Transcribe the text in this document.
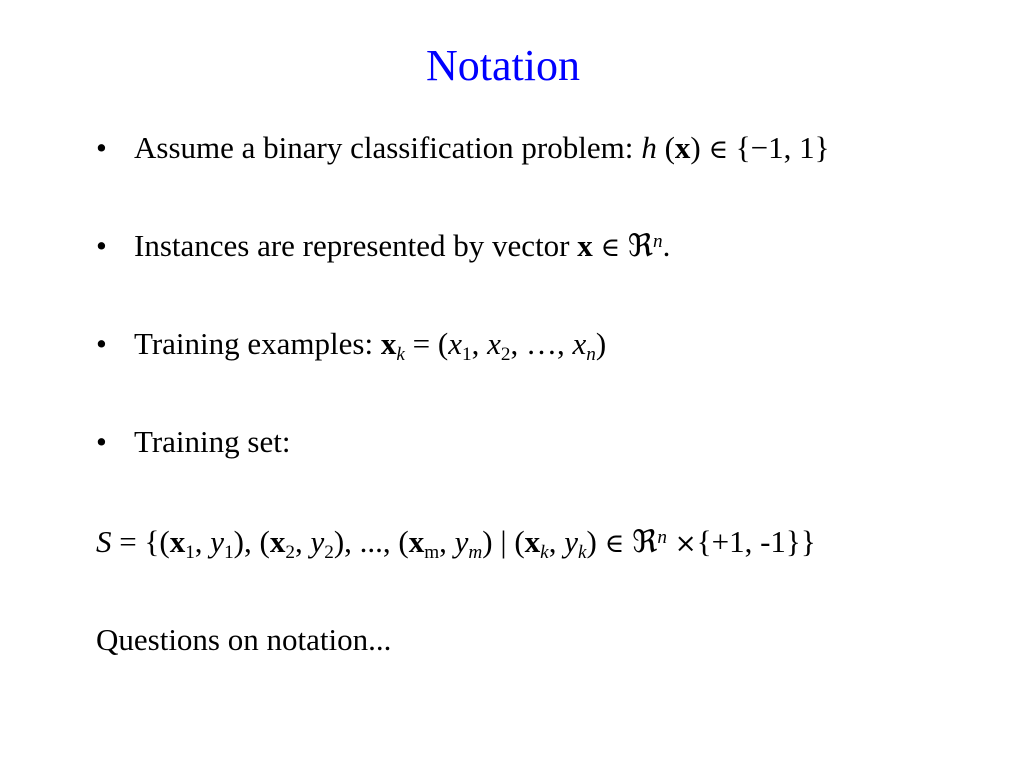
Notation
• Assume a binary classification problem: h (x) ∈ {−1, 1}
• Instances are represented by vector x ∈ ℜ$^n$.
• Training examples: $x_k = (x_1$, $x_2$, …, $x_n$)
• Training set:
$S = \{(x_1$, $y_1$), ($x_2$, $y_2$), ..., ($x_m$, $y_m$) | ($x_k$, $y_k$) ∈ ℜ$^n$ ×{+1, -1}}
Questions on notation...
